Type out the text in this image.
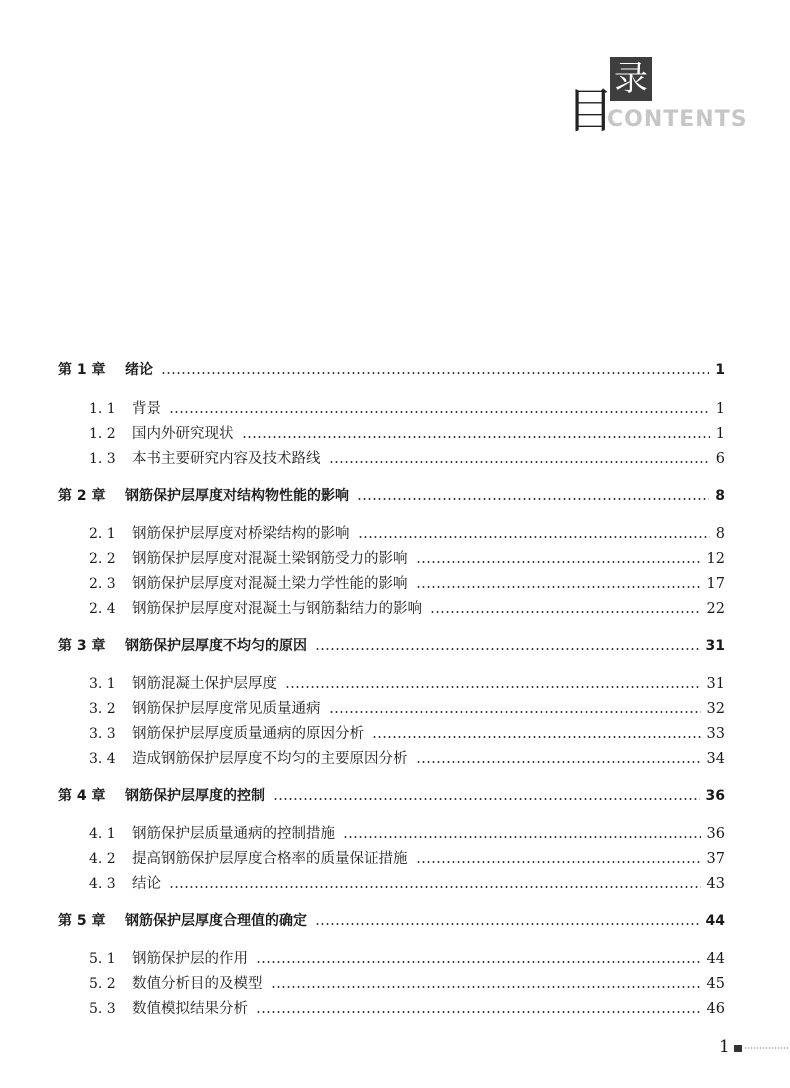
录
目
CONTENTS
第 1 章 绪论	1
1. 1 背景	1
1. 2 国内外研究现状	1
1. 3 本书主要研究内容及技术路线	6
第 2 章 钢筋保护层厚度对结构物性能的影响	8
2. 1 钢筋保护层厚度对桥梁结构的影响	8
2. 2 钢筋保护层厚度对混凝土梁钢筋受力的影响	12
2. 3 钢筋保护层厚度对混凝土梁力学性能的影响	17
2. 4 钢筋保护层厚度对混凝土与钢筋黏结力的影响	22
第 3 章 钢筋保护层厚度不均匀的原因	31
3. 1 钢筋混凝土保护层厚度	31
3. 2 钢筋保护层厚度常见质量通病	32
3. 3 钢筋保护层厚度质量通病的原因分析	33
3. 4 造成钢筋保护层厚度不均匀的主要原因分析	34
第 4 章 钢筋保护层厚度的控制	36
4. 1 钢筋保护层质量通病的控制措施	36
4. 2 提高钢筋保护层厚度合格率的质量保证措施	37
4. 3 结论	43
第 5 章 钢筋保护层厚度合理值的确定	44
5. 1 钢筋保护层的作用	44
5. 2 数值分析目的及模型	45
5. 3 数值模拟结果分析	46
1
